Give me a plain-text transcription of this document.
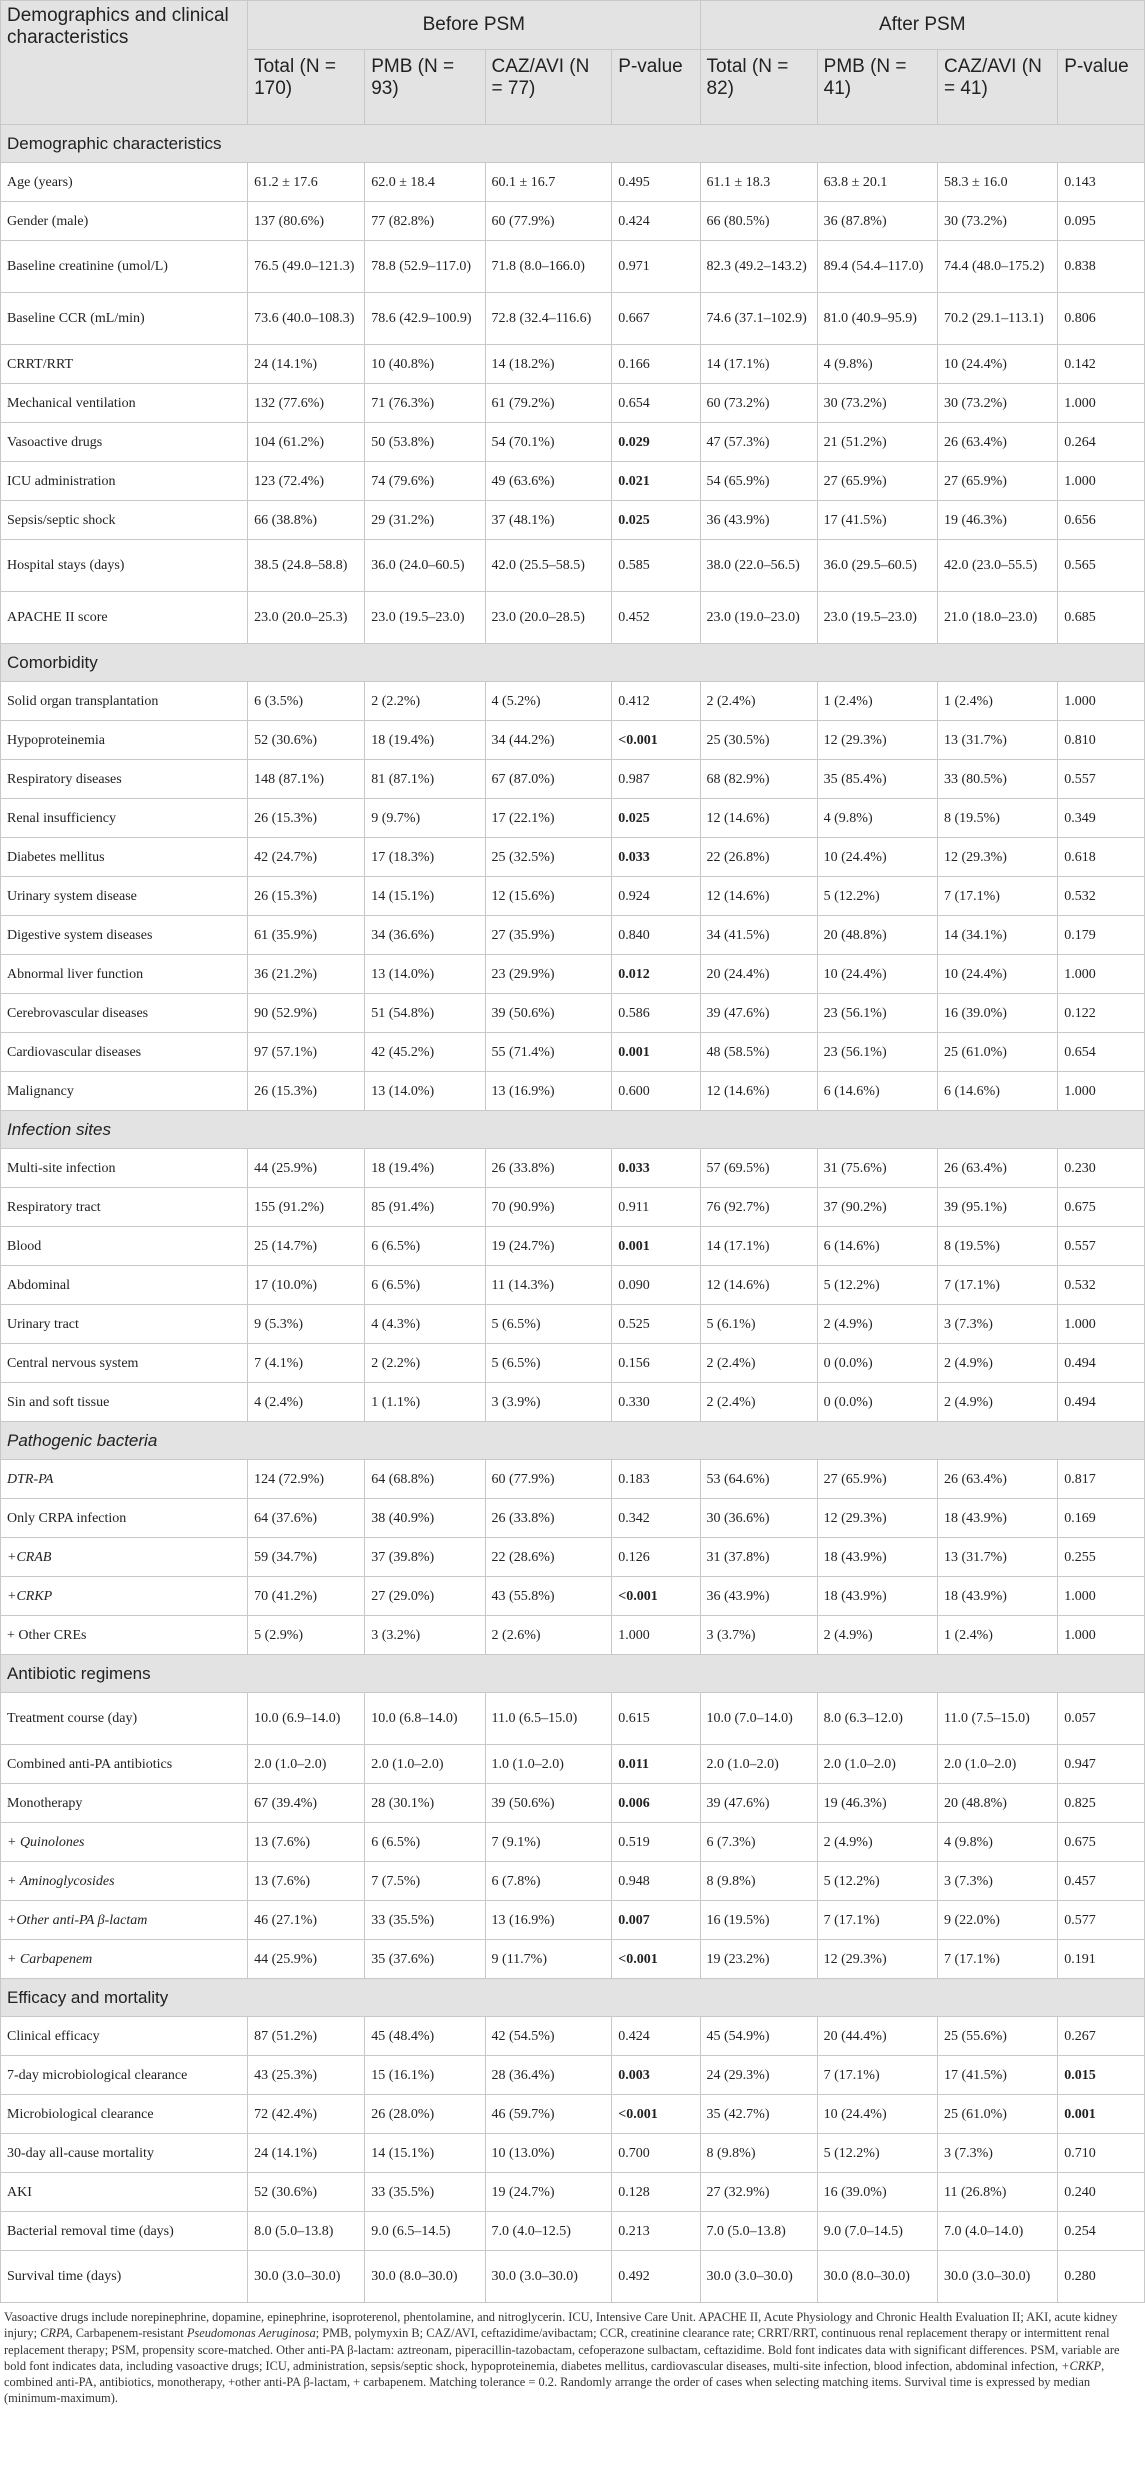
Demographics and clinical characteristics	Before PSM				After PSM			
	Total (N = 170)	PMB (N = 93)	CAZ/AVI (N = 77)	P-value	Total (N = 82)	PMB (N = 41)	CAZ/AVI (N = 41)	P-value
Demographic characteristics								
Age (years)	61.2 ± 17.6	62.0 ± 18.4	60.1 ± 16.7	0.495	61.1 ± 18.3	63.8 ± 20.1	58.3 ± 16.0	0.143
Gender (male)	137 (80.6%)	77 (82.8%)	60 (77.9%)	0.424	66 (80.5%)	36 (87.8%)	30 (73.2%)	0.095
Baseline creatinine (umol/L)	76.5 (49.0–121.3)	78.8 (52.9–117.0)	71.8 (8.0–166.0)	0.971	82.3 (49.2–143.2)	89.4 (54.4–117.0)	74.4 (48.0–175.2)	0.838
Baseline CCR (mL/min)	73.6 (40.0–108.3)	78.6 (42.9–100.9)	72.8 (32.4–116.6)	0.667	74.6 (37.1–102.9)	81.0 (40.9–95.9)	70.2 (29.1–113.1)	0.806
CRRT/RRT	24 (14.1%)	10 (40.8%)	14 (18.2%)	0.166	14 (17.1%)	4 (9.8%)	10 (24.4%)	0.142
Mechanical ventilation	132 (77.6%)	71 (76.3%)	61 (79.2%)	0.654	60 (73.2%)	30 (73.2%)	30 (73.2%)	1.000
Vasoactive drugs	104 (61.2%)	50 (53.8%)	54 (70.1%)	0.029	47 (57.3%)	21 (51.2%)	26 (63.4%)	0.264
ICU administration	123 (72.4%)	74 (79.6%)	49 (63.6%)	0.021	54 (65.9%)	27 (65.9%)	27 (65.9%)	1.000
Sepsis/septic shock	66 (38.8%)	29 (31.2%)	37 (48.1%)	0.025	36 (43.9%)	17 (41.5%)	19 (46.3%)	0.656
Hospital stays (days)	38.5 (24.8–58.8)	36.0 (24.0–60.5)	42.0 (25.5–58.5)	0.585	38.0 (22.0–56.5)	36.0 (29.5–60.5)	42.0 (23.0–55.5)	0.565
APACHE II score	23.0 (20.0–25.3)	23.0 (19.5–23.0)	23.0 (20.0–28.5)	0.452	23.0 (19.0–23.0)	23.0 (19.5–23.0)	21.0 (18.0–23.0)	0.685
Comorbidity								
Solid organ transplantation	6 (3.5%)	2 (2.2%)	4 (5.2%)	0.412	2 (2.4%)	1 (2.4%)	1 (2.4%)	1.000
Hypoproteinemia	52 (30.6%)	18 (19.4%)	34 (44.2%)	<0.001	25 (30.5%)	12 (29.3%)	13 (31.7%)	0.810
Respiratory diseases	148 (87.1%)	81 (87.1%)	67 (87.0%)	0.987	68 (82.9%)	35 (85.4%)	33 (80.5%)	0.557
Renal insufficiency	26 (15.3%)	9 (9.7%)	17 (22.1%)	0.025	12 (14.6%)	4 (9.8%)	8 (19.5%)	0.349
Diabetes mellitus	42 (24.7%)	17 (18.3%)	25 (32.5%)	0.033	22 (26.8%)	10 (24.4%)	12 (29.3%)	0.618
Urinary system disease	26 (15.3%)	14 (15.1%)	12 (15.6%)	0.924	12 (14.6%)	5 (12.2%)	7 (17.1%)	0.532
Digestive system diseases	61 (35.9%)	34 (36.6%)	27 (35.9%)	0.840	34 (41.5%)	20 (48.8%)	14 (34.1%)	0.179
Abnormal liver function	36 (21.2%)	13 (14.0%)	23 (29.9%)	0.012	20 (24.4%)	10 (24.4%)	10 (24.4%)	1.000
Cerebrovascular diseases	90 (52.9%)	51 (54.8%)	39 (50.6%)	0.586	39 (47.6%)	23 (56.1%)	16 (39.0%)	0.122
Cardiovascular diseases	97 (57.1%)	42 (45.2%)	55 (71.4%)	0.001	48 (58.5%)	23 (56.1%)	25 (61.0%)	0.654
Malignancy	26 (15.3%)	13 (14.0%)	13 (16.9%)	0.600	12 (14.6%)	6 (14.6%)	6 (14.6%)	1.000
Infection sites								
Multi-site infection	44 (25.9%)	18 (19.4%)	26 (33.8%)	0.033	57 (69.5%)	31 (75.6%)	26 (63.4%)	0.230
Respiratory tract	155 (91.2%)	85 (91.4%)	70 (90.9%)	0.911	76 (92.7%)	37 (90.2%)	39 (95.1%)	0.675
Blood	25 (14.7%)	6 (6.5%)	19 (24.7%)	0.001	14 (17.1%)	6 (14.6%)	8 (19.5%)	0.557
Abdominal	17 (10.0%)	6 (6.5%)	11 (14.3%)	0.090	12 (14.6%)	5 (12.2%)	7 (17.1%)	0.532
Urinary tract	9 (5.3%)	4 (4.3%)	5 (6.5%)	0.525	5 (6.1%)	2 (4.9%)	3 (7.3%)	1.000
Central nervous system	7 (4.1%)	2 (2.2%)	5 (6.5%)	0.156	2 (2.4%)	0 (0.0%)	2 (4.9%)	0.494
Sin and soft tissue	4 (2.4%)	1 (1.1%)	3 (3.9%)	0.330	2 (2.4%)	0 (0.0%)	2 (4.9%)	0.494
Pathogenic bacteria								
DTR-PA	124 (72.9%)	64 (68.8%)	60 (77.9%)	0.183	53 (64.6%)	27 (65.9%)	26 (63.4%)	0.817
Only CRPA infection	64 (37.6%)	38 (40.9%)	26 (33.8%)	0.342	30 (36.6%)	12 (29.3%)	18 (43.9%)	0.169
+CRAB	59 (34.7%)	37 (39.8%)	22 (28.6%)	0.126	31 (37.8%)	18 (43.9%)	13 (31.7%)	0.255
+CRKP	70 (41.2%)	27 (29.0%)	43 (55.8%)	<0.001	36 (43.9%)	18 (43.9%)	18 (43.9%)	1.000
+ Other CREs	5 (2.9%)	3 (3.2%)	2 (2.6%)	1.000	3 (3.7%)	2 (4.9%)	1 (2.4%)	1.000
Antibiotic regimens								
Treatment course (day)	10.0 (6.9–14.0)	10.0 (6.8–14.0)	11.0 (6.5–15.0)	0.615	10.0 (7.0–14.0)	8.0 (6.3–12.0)	11.0 (7.5–15.0)	0.057
Combined anti-PA antibiotics	2.0 (1.0–2.0)	2.0 (1.0–2.0)	1.0 (1.0–2.0)	0.011	2.0 (1.0–2.0)	2.0 (1.0–2.0)	2.0 (1.0–2.0)	0.947
Monotherapy	67 (39.4%)	28 (30.1%)	39 (50.6%)	0.006	39 (47.6%)	19 (46.3%)	20 (48.8%)	0.825
+ Quinolones	13 (7.6%)	6 (6.5%)	7 (9.1%)	0.519	6 (7.3%)	2 (4.9%)	4 (9.8%)	0.675
+ Aminoglycosides	13 (7.6%)	7 (7.5%)	6 (7.8%)	0.948	8 (9.8%)	5 (12.2%)	3 (7.3%)	0.457
+Other anti-PA β-lactam	46 (27.1%)	33 (35.5%)	13 (16.9%)	0.007	16 (19.5%)	7 (17.1%)	9 (22.0%)	0.577
+ Carbapenem	44 (25.9%)	35 (37.6%)	9 (11.7%)	<0.001	19 (23.2%)	12 (29.3%)	7 (17.1%)	0.191
Efficacy and mortality								
Clinical efficacy	87 (51.2%)	45 (48.4%)	42 (54.5%)	0.424	45 (54.9%)	20 (44.4%)	25 (55.6%)	0.267
7-day microbiological clearance	43 (25.3%)	15 (16.1%)	28 (36.4%)	0.003	24 (29.3%)	7 (17.1%)	17 (41.5%)	0.015
Microbiological clearance	72 (42.4%)	26 (28.0%)	46 (59.7%)	<0.001	35 (42.7%)	10 (24.4%)	25 (61.0%)	0.001
30-day all-cause mortality	24 (14.1%)	14 (15.1%)	10 (13.0%)	0.700	8 (9.8%)	5 (12.2%)	3 (7.3%)	0.710
AKI	52 (30.6%)	33 (35.5%)	19 (24.7%)	0.128	27 (32.9%)	16 (39.0%)	11 (26.8%)	0.240
Bacterial removal time (days)	8.0 (5.0–13.8)	9.0 (6.5–14.5)	7.0 (4.0–12.5)	0.213	7.0 (5.0–13.8)	9.0 (7.0–14.5)	7.0 (4.0–14.0)	0.254
Survival time (days)	30.0 (3.0–30.0)	30.0 (8.0–30.0)	30.0 (3.0–30.0)	0.492	30.0 (3.0–30.0)	30.0 (8.0–30.0)	30.0 (3.0–30.0)	0.280
Vasoactive drugs include norepinephrine, dopamine, epinephrine, isoproterenol, phentolamine, and nitroglycerin. ICU, Intensive Care Unit. APACHE II, Acute Physiology and Chronic Health Evaluation II; AKI, acute kidney injury; CRPA, Carbapenem-resistant Pseudomonas Aeruginosa; PMB, polymyxin B; CAZ/AVI, ceftazidime/avibactam; CCR, creatinine clearance rate; CRRT/RRT, continuous renal replacement therapy or intermittent renal replacement therapy; PSM, propensity score-matched. Other anti-PA β-lactam: aztreonam, piperacillin-tazobactam, cefoperazone sulbactam, ceftazidime. Bold font indicates data with significant differences. PSM, variable are bold font indicates data, including vasoactive drugs; ICU, administration, sepsis/septic shock, hypoproteinemia, diabetes mellitus, cardiovascular diseases, multi-site infection, blood infection, abdominal infection, +CRKP, combined anti-PA, antibiotics, monotherapy, +other anti-PA β-lactam, + carbapenem. Matching tolerance = 0.2. Randomly arrange the order of cases when selecting matching items. Survival time is expressed by median (minimum-maximum).
